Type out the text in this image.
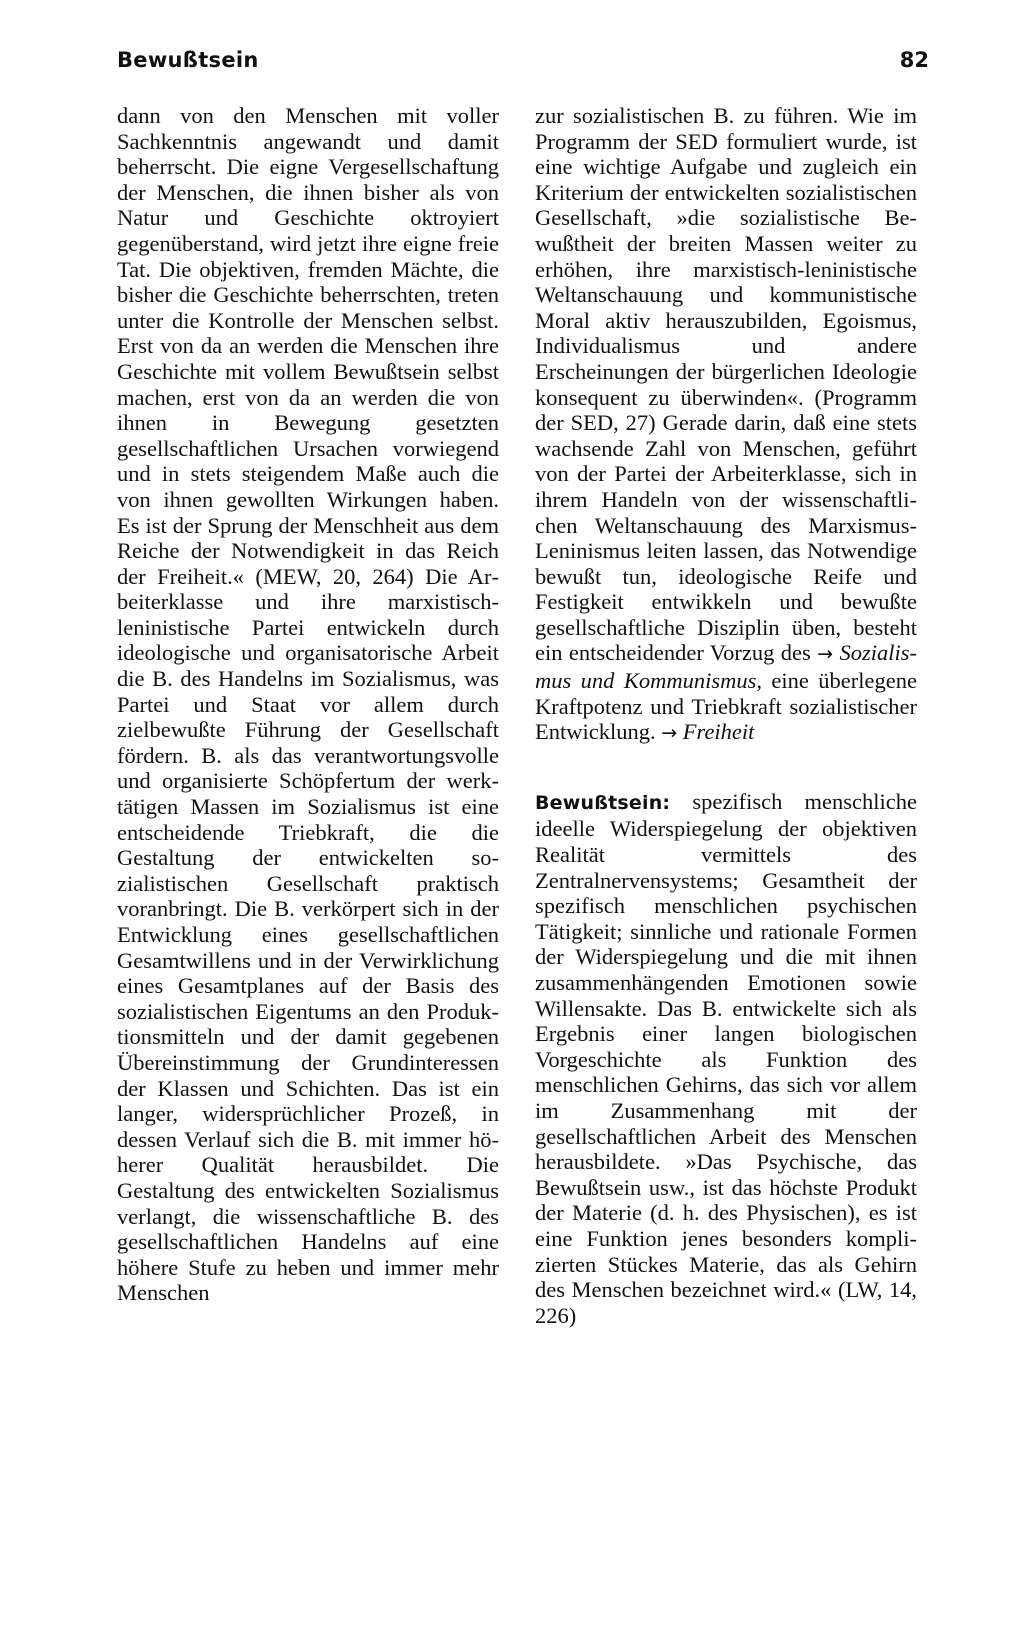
Bewußtsein	82

dann von den Menschen mit voller Sachkenntnis angewandt und damit beherrscht. Die eigne Vergesellschaftung der Menschen, die ihnen bisher als von Natur und Geschichte oktroyiert gegenüberstand, wird jetzt ihre eigne freie Tat. Die objektiven, fremden Mächte, die bisher die Geschichte beherrschten, treten unter die Kontrolle der Menschen selbst. Erst von da an werden die Menschen ihre Geschichte mit vollem Bewußtsein selbst machen, erst von da an werden die von ihnen in Bewegung gesetzten gesellschaftlichen Ursachen vorwiegend und in stets steigendem Maße auch die von ihnen gewollten Wirkungen haben. Es ist der Sprung der Menschheit aus dem Reiche der Notwendigkeit in das Reich der Freiheit.« (MEW, 20, 264) Die Arbeiterklasse und ihre marxistischleninistische Partei entwickeln durch ideologische und organisatorische Arbeit die B. des Handelns im Sozialismus, was Partei und Staat vor allem durch zielbewußte Führung der Gesellschaft fördern. B. als das verantwortungsvolle und organisierte Schöpfertum der werktätigen Massen im Sozialismus ist eine entscheidende Triebkraft, die die Gestaltung der entwickelten sozialistischen Gesellschaft praktisch voranbringt. Die B. verkörpert sich in der Entwicklung eines gesellschaftlichen Gesamtwillens und in der Verwirklichung eines Gesamtplanes auf der Basis des sozialistischen Eigentums an den Produktionsmitteln und der damit gegebenen Übereinstimmung der Grundinteressen der Klassen und Schichten. Das ist ein langer, widersprüchlicher Prozeß, in dessen Verlauf sich die B. mit immer höherer Qualität herausbildet. Die Gestaltung des entwickelten Sozialismus verlangt, die wissenschaftliche B. des gesellschaftlichen Handelns auf eine höhere Stufe zu heben und immer mehr Menschen

zur sozialistischen B. zu führen. Wie im Programm der SED formuliert wurde, ist eine wichtige Aufgabe und zugleich ein Kriterium der entwickelten sozialistischen Gesellschaft, »die sozialistische Bewußtheit der breiten Massen weiter zu erhöhen, ihre marxistisch-leninistische Weltanschauung und kommunistische Moral aktiv herauszubilden, Egoismus, Individualismus und andere Erscheinungen der bürgerlichen Ideologie konsequent zu überwinden«. (Programm der SED, 27) Gerade darin, daß eine stets wachsende Zahl von Menschen, geführt von der Partei der Arbeiterklasse, sich in ihrem Handeln von der wissenschaftlichen Weltanschauung des Marxismus-Leninismus leiten lassen, das Notwendige bewußt tun, ideologische Reife und Festigkeit entwikkeln und bewußte gesellschaftliche Disziplin üben, besteht ein entscheidender Vorzug des → Sozialismus und Kommunismus, eine überlegene Kraftpotenz und Triebkraft sozialistischer Entwicklung. → Freiheit

Bewußtsein: spezifisch menschliche ideelle Widerspiegelung der objektiven Realität vermittels des Zentralnervensystems; Gesamtheit der spezifisch menschlichen psychischen Tätigkeit; sinnliche und rationale Formen der Widerspiegelung und die mit ihnen zusammenhängenden Emotionen sowie Willensakte. Das B. entwickelte sich als Ergebnis einer langen biologischen Vorgeschichte als Funktion des menschlichen Gehirns, das sich vor allem im Zusammenhang mit der gesellschaftlichen Arbeit des Menschen herausbildete. »Das Psychische, das Bewußtsein usw., ist das höchste Produkt der Materie (d. h. des Physischen), es ist eine Funktion jenes besonders komplizierten Stückes Materie, das als Gehirn des Menschen bezeichnet wird.« (LW, 14, 226)
